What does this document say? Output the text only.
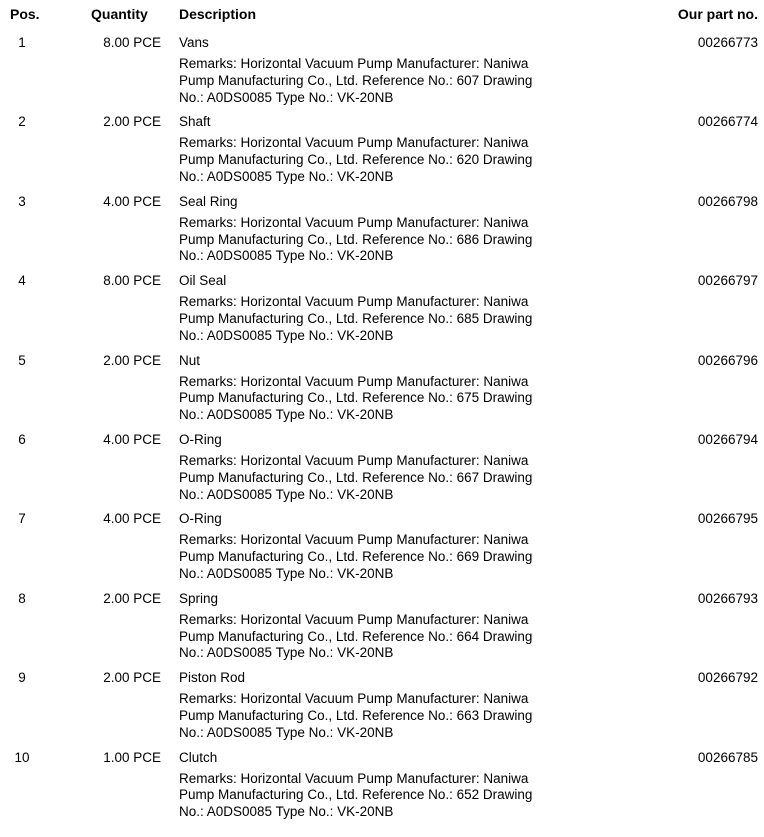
Pos.	Quantity Description	Our part no.
1	8.00 PCE Vans	00266773
Remarks: Horizontal Vacuum Pump Manufacturer: Naniwa Pump Manufacturing Co., Ltd. Reference No.: 607 Drawing No.: A0DS0085 Type No.: VK-20NB
2	2.00 PCE Shaft	00266774
Remarks: Horizontal Vacuum Pump Manufacturer: Naniwa Pump Manufacturing Co., Ltd. Reference No.: 620 Drawing No.: A0DS0085 Type No.: VK-20NB
3	4.00 PCE Seal Ring	00266798
Remarks: Horizontal Vacuum Pump Manufacturer: Naniwa Pump Manufacturing Co., Ltd. Reference No.: 686 Drawing No.: A0DS0085 Type No.: VK-20NB
4	8.00 PCE Oil Seal	00266797
Remarks: Horizontal Vacuum Pump Manufacturer: Naniwa Pump Manufacturing Co., Ltd. Reference No.: 685 Drawing No.: A0DS0085 Type No.: VK-20NB
5	2.00 PCE Nut	00266796
Remarks: Horizontal Vacuum Pump Manufacturer: Naniwa Pump Manufacturing Co., Ltd. Reference No.: 675 Drawing No.: A0DS0085 Type No.: VK-20NB
6	4.00 PCE O-Ring	00266794
Remarks: Horizontal Vacuum Pump Manufacturer: Naniwa Pump Manufacturing Co., Ltd. Reference No.: 667 Drawing No.: A0DS0085 Type No.: VK-20NB
7	4.00 PCE O-Ring	00266795
Remarks: Horizontal Vacuum Pump Manufacturer: Naniwa Pump Manufacturing Co., Ltd. Reference No.: 669 Drawing No.: A0DS0085 Type No.: VK-20NB
8	2.00 PCE Spring	00266793
Remarks: Horizontal Vacuum Pump Manufacturer: Naniwa Pump Manufacturing Co., Ltd. Reference No.: 664 Drawing No.: A0DS0085 Type No.: VK-20NB
9	2.00 PCE Piston Rod	00266792
Remarks: Horizontal Vacuum Pump Manufacturer: Naniwa Pump Manufacturing Co., Ltd. Reference No.: 663 Drawing No.: A0DS0085 Type No.: VK-20NB
10	1.00 PCE Clutch	00266785
Remarks: Horizontal Vacuum Pump Manufacturer: Naniwa Pump Manufacturing Co., Ltd. Reference No.: 652 Drawing No.: A0DS0085 Type No.: VK-20NB
